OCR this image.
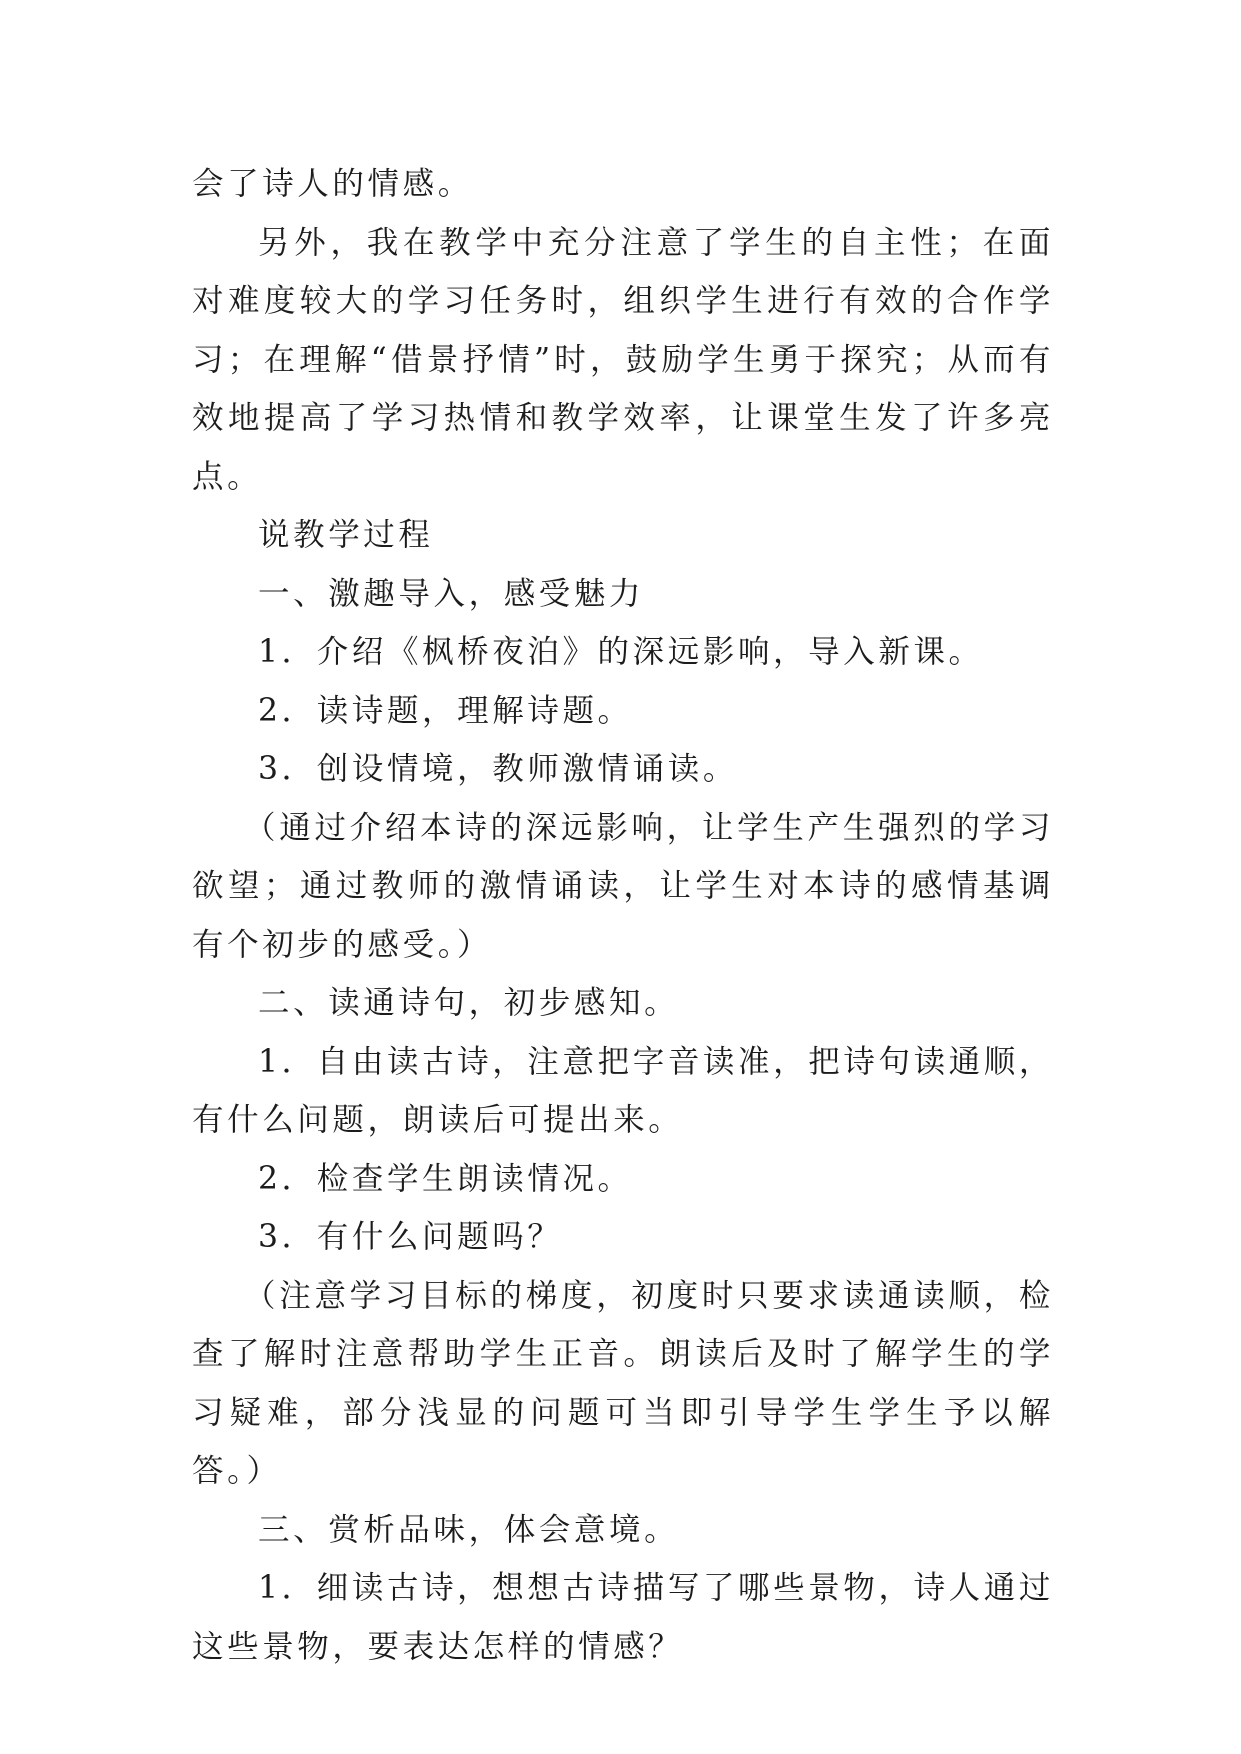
会了诗人的情感。

另外，我在教学中充分注意了学生的自主性；在面对难度较大的学习任务时，组织学生进行有效的合作学习；在理解“借景抒情”时，鼓励学生勇于探究；从而有效地提高了学习热情和教学效率，让课堂生发了许多亮点。

说教学过程

一、激趣导入，感受魅力

1．介绍《枫桥夜泊》的深远影响，导入新课。

2．读诗题，理解诗题。

3．创设情境，教师激情诵读。

（通过介绍本诗的深远影响，让学生产生强烈的学习欲望；通过教师的激情诵读，让学生对本诗的感情基调有个初步的感受。）

二、读通诗句，初步感知。

1．自由读古诗，注意把字音读准，把诗句读通顺，有什么问题，朗读后可提出来。

2．检查学生朗读情况。

3．有什么问题吗？

（注意学习目标的梯度，初度时只要求读通读顺，检查了解时注意帮助学生正音。朗读后及时了解学生的学习疑难，部分浅显的问题可当即引导学生学生予以解答。）

三、赏析品味，体会意境。

1．细读古诗，想想古诗描写了哪些景物，诗人通过这些景物，要表达怎样的情感？
